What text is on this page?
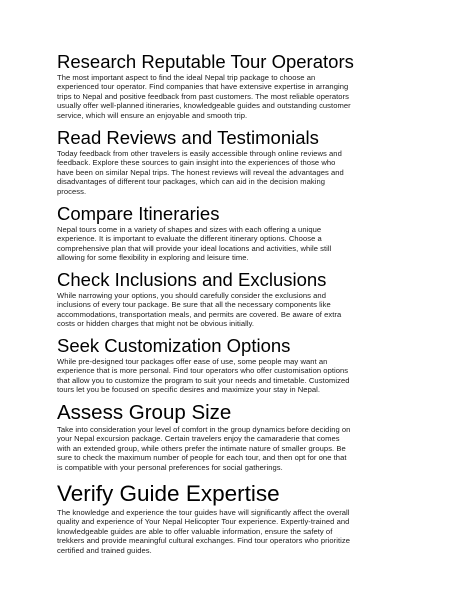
Research Reputable Tour Operators

The most important aspect to find the ideal Nepal trip package to choose an
experienced tour operator. Find companies that have extensive expertise in arranging
trips to Nepal and positive feedback from past customers. The most reliable operators
usually offer well-planned itineraries, knowledgeable guides and outstanding customer
service, which will ensure an enjoyable and smooth trip.

Read Reviews and Testimonials

Today feedback from other travelers is easily accessible through online reviews and
feedback. Explore these sources to gain insight into the experiences of those who
have been on similar Nepal trips. The honest reviews will reveal the advantages and
disadvantages of different tour packages, which can aid in the decision making
process.

Compare Itineraries

Nepal tours come in a variety of shapes and sizes with each offering a unique
experience. It is important to evaluate the different itinerary options. Choose a
comprehensive plan that will provide your ideal locations and activities, while still
allowing for some flexibility in exploring and leisure time.

Check Inclusions and Exclusions

While narrowing your options, you should carefully consider the exclusions and
inclusions of every tour package. Be sure that all the necessary components like
accommodations, transportation meals, and permits are covered. Be aware of extra
costs or hidden charges that might not be obvious initially.

Seek Customization Options

While pre-designed tour packages offer ease of use, some people may want an
experience that is more personal. Find tour operators who offer customisation options
that allow you to customize the program to suit your needs and timetable. Customized
tours let you be focused on specific desires and maximize your stay in Nepal.

Assess Group Size

Take into consideration your level of comfort in the group dynamics before deciding on
your Nepal excursion package. Certain travelers enjoy the camaraderie that comes
with an extended group, while others prefer the intimate nature of smaller groups. Be
sure to check the maximum number of people for each tour, and then opt for one that
is compatible with your personal preferences for social gatherings.

Verify Guide Expertise

The knowledge and experience the tour guides have will significantly affect the overall
quality and experience of Your Nepal Helicopter Tour experience. Expertly-trained and
knowledgeable guides are able to offer valuable information, ensure the safety of
trekkers and provide meaningful cultural exchanges. Find tour operators who prioritize
certified and trained guides.
